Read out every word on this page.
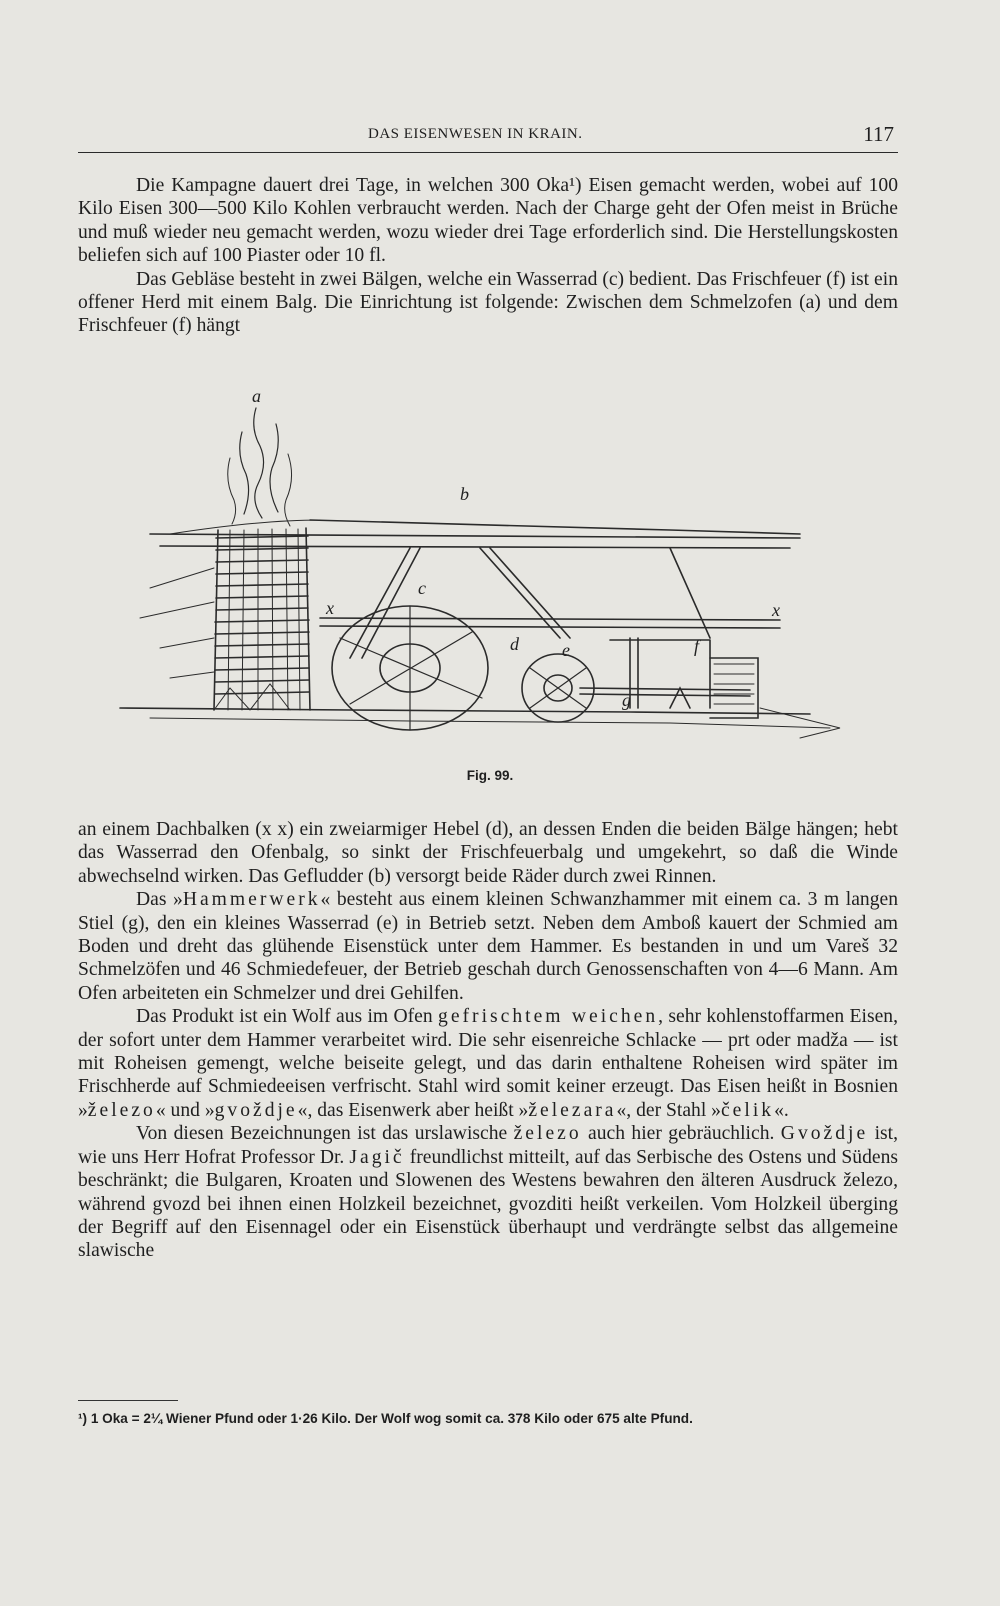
DAS EISENWESEN IN KRAIN.	117

Die Kampagne dauert drei Tage, in welchen 300 Oka¹) Eisen gemacht werden, wobei auf 100 Kilo Eisen 300—500 Kilo Kohlen verbraucht werden. Nach der Charge geht der Ofen meist in Brüche und muß wieder neu gemacht werden, wozu wieder drei Tage erforderlich sind. Die Herstellungskosten beliefen sich auf 100 Piaster oder 10 fl.

Das Gebläse besteht in zwei Bälgen, welche ein Wasserrad (c) bedient. Das Frischfeuer (f) ist ein offener Herd mit einem Balg. Die Einrichtung ist folgende: Zwischen dem Schmelzofen (a) und dem Frischfeuer (f) hängt

a
b
c
d e	f
g
x	x
Fig. 99.

an einem Dachbalken (x x) ein zweiarmiger Hebel (d), an dessen Enden die beiden Bälge hängen; hebt das Wasserrad den Ofenbalg, so sinkt der Frischfeuerbalg und umgekehrt, so daß die Winde abwechselnd wirken. Das Gefludder (b) versorgt beide Räder durch zwei Rinnen.

Das »Hammerwerk« besteht aus einem kleinen Schwanzhammer mit einem ca. 3 m langen Stiel (g), den ein kleines Wasserrad (e) in Betrieb setzt. Neben dem Amboß kauert der Schmied am Boden und dreht das glühende Eisenstück unter dem Hammer. Es bestanden in und um Vareš 32 Schmelzöfen und 46 Schmiedefeuer, der Betrieb geschah durch Genossenschaften von 4—6 Mann. Am Ofen arbeiteten ein Schmelzer und drei Gehilfen.

Das Produkt ist ein Wolf aus im Ofen gefrischtem weichen, sehr kohlenstoffarmen Eisen, der sofort unter dem Hammer verarbeitet wird. Die sehr eisenreiche Schlacke — prt oder madža — ist mit Roheisen gemengt, welche beiseite gelegt, und das darin enthaltene Roheisen wird später im Frischherde auf Schmiedeeisen verfrischt. Stahl wird somit keiner erzeugt. Das Eisen heißt in Bosnien »železo« und »gvoždje«, das Eisenwerk aber heißt »železara«, der Stahl »čelik«.

Von diesen Bezeichnungen ist das urslawische železo auch hier gebräuchlich. Gvoždje ist, wie uns Herr Hofrat Professor Dr. Jagič freundlichst mitteilt, auf das Serbische des Ostens und Südens beschränkt; die Bulgaren, Kroaten und Slowenen des Westens bewahren den älteren Ausdruck železo, während gvozd bei ihnen einen Holzkeil bezeichnet, gvozditi heißt verkeilen. Vom Holzkeil überging der Begriff auf den Eisennagel oder ein Eisenstück überhaupt und verdrängte selbst das allgemeine slawische

¹) 1 Oka = 2¼ Wiener Pfund oder 1·26 Kilo. Der Wolf wog somit ca. 378 Kilo oder 675 alte Pfund.
